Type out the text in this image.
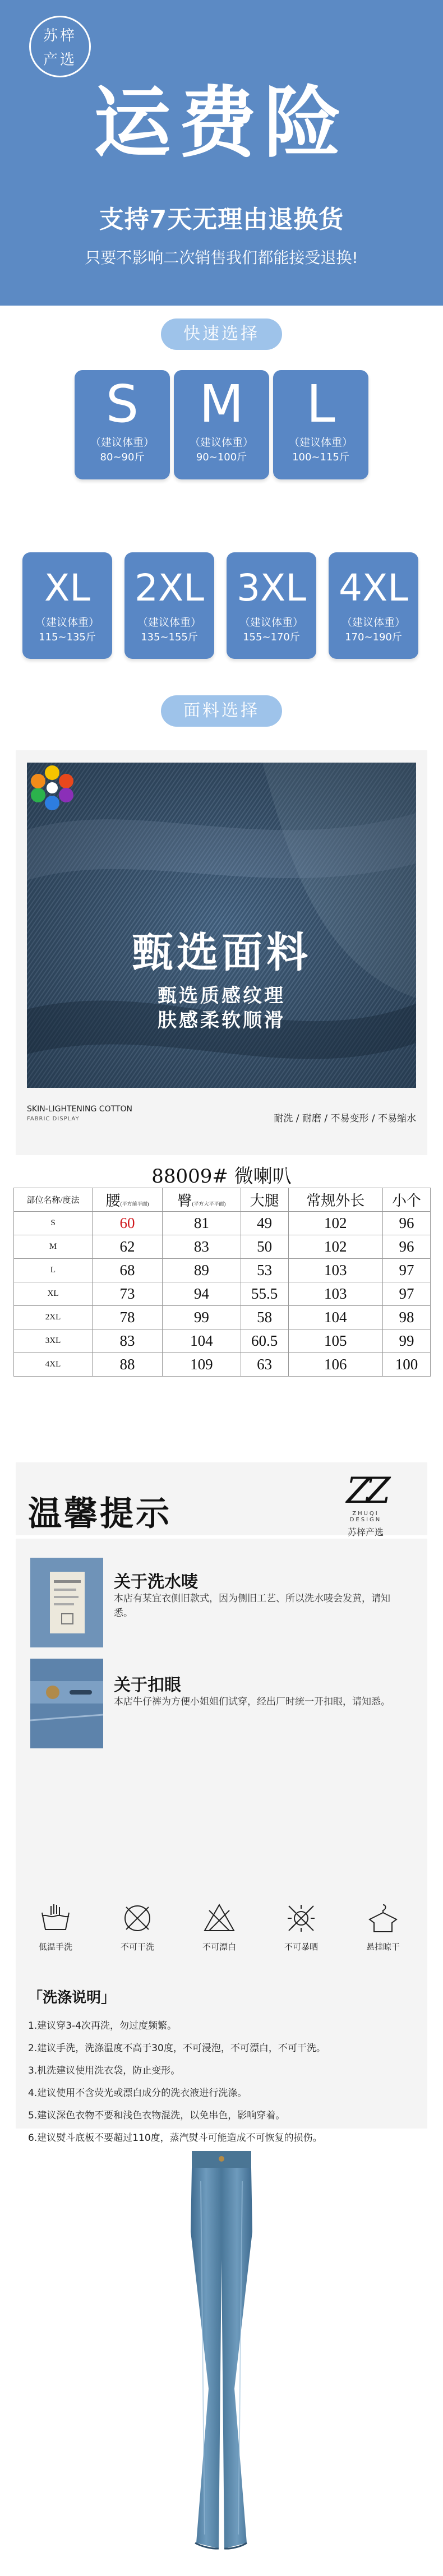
苏梓
产选
运费险
支持7天无理由退换货
只要不影响二次销售我们都能接受退换!
快速选择
S
（建议体重）
80~90斤
M
（建议体重）
90~100斤
L
（建议体重）
100~115斤
XL
（建议体重）
115~135斤
2XL
（建议体重）
135~155斤
3XL
（建议体重）
155~170斤
4XL
（建议体重）
170~190斤
面料选择
甄选面料
甄选质感纹理
肤感柔软顺滑
SKIN-LIGHTENING COTTON
FABRIC DISPLAY	耐洗 / 耐磨 / 不易变形 / 不易缩水
88009# 微喇叭
部位名称/度法	腰(平方前平面)	臀(平方大平平面)	大腿	常规外长	小个
S	60	81	49	102	96
M	62	83	50	102	96
L	68	89	53	103	97
XL	73	94	55.5	103	97
2XL	78	99	58	104	98
3XL	83	104	60.5	105	99
4XL	88	109	63	106	100
温馨提示
ZZ
ZHUQI DESIGN
苏梓产选
关于洗水唛
本店有某宜衣侧旧款式，因为侧旧工艺、所以洗水唛会发黄，请知悉。
关于扣眼
本店牛仔裤为方便小姐姐们试穿，经出厂时统一开扣眼，请知悉。
低温手洗	不可干洗	不可漂白	不可暴晒	悬挂晾干
「洗涤说明」
1.建议穿3-4次再洗，勿过度频繁。
2.建议手洗，洗涤温度不高于30度，不可浸泡，不可漂白，不可干洗。
3.机洗建议使用洗衣袋，防止变形。
4.建议使用不含荧光或漂白成分的洗衣液进行洗涤。
5.建议深色衣物不要和浅色衣物混洗，以免串色，影响穿着。
6.建议熨斗底板不要超过110度，蒸汽熨斗可能造成不可恢复的损伤。
